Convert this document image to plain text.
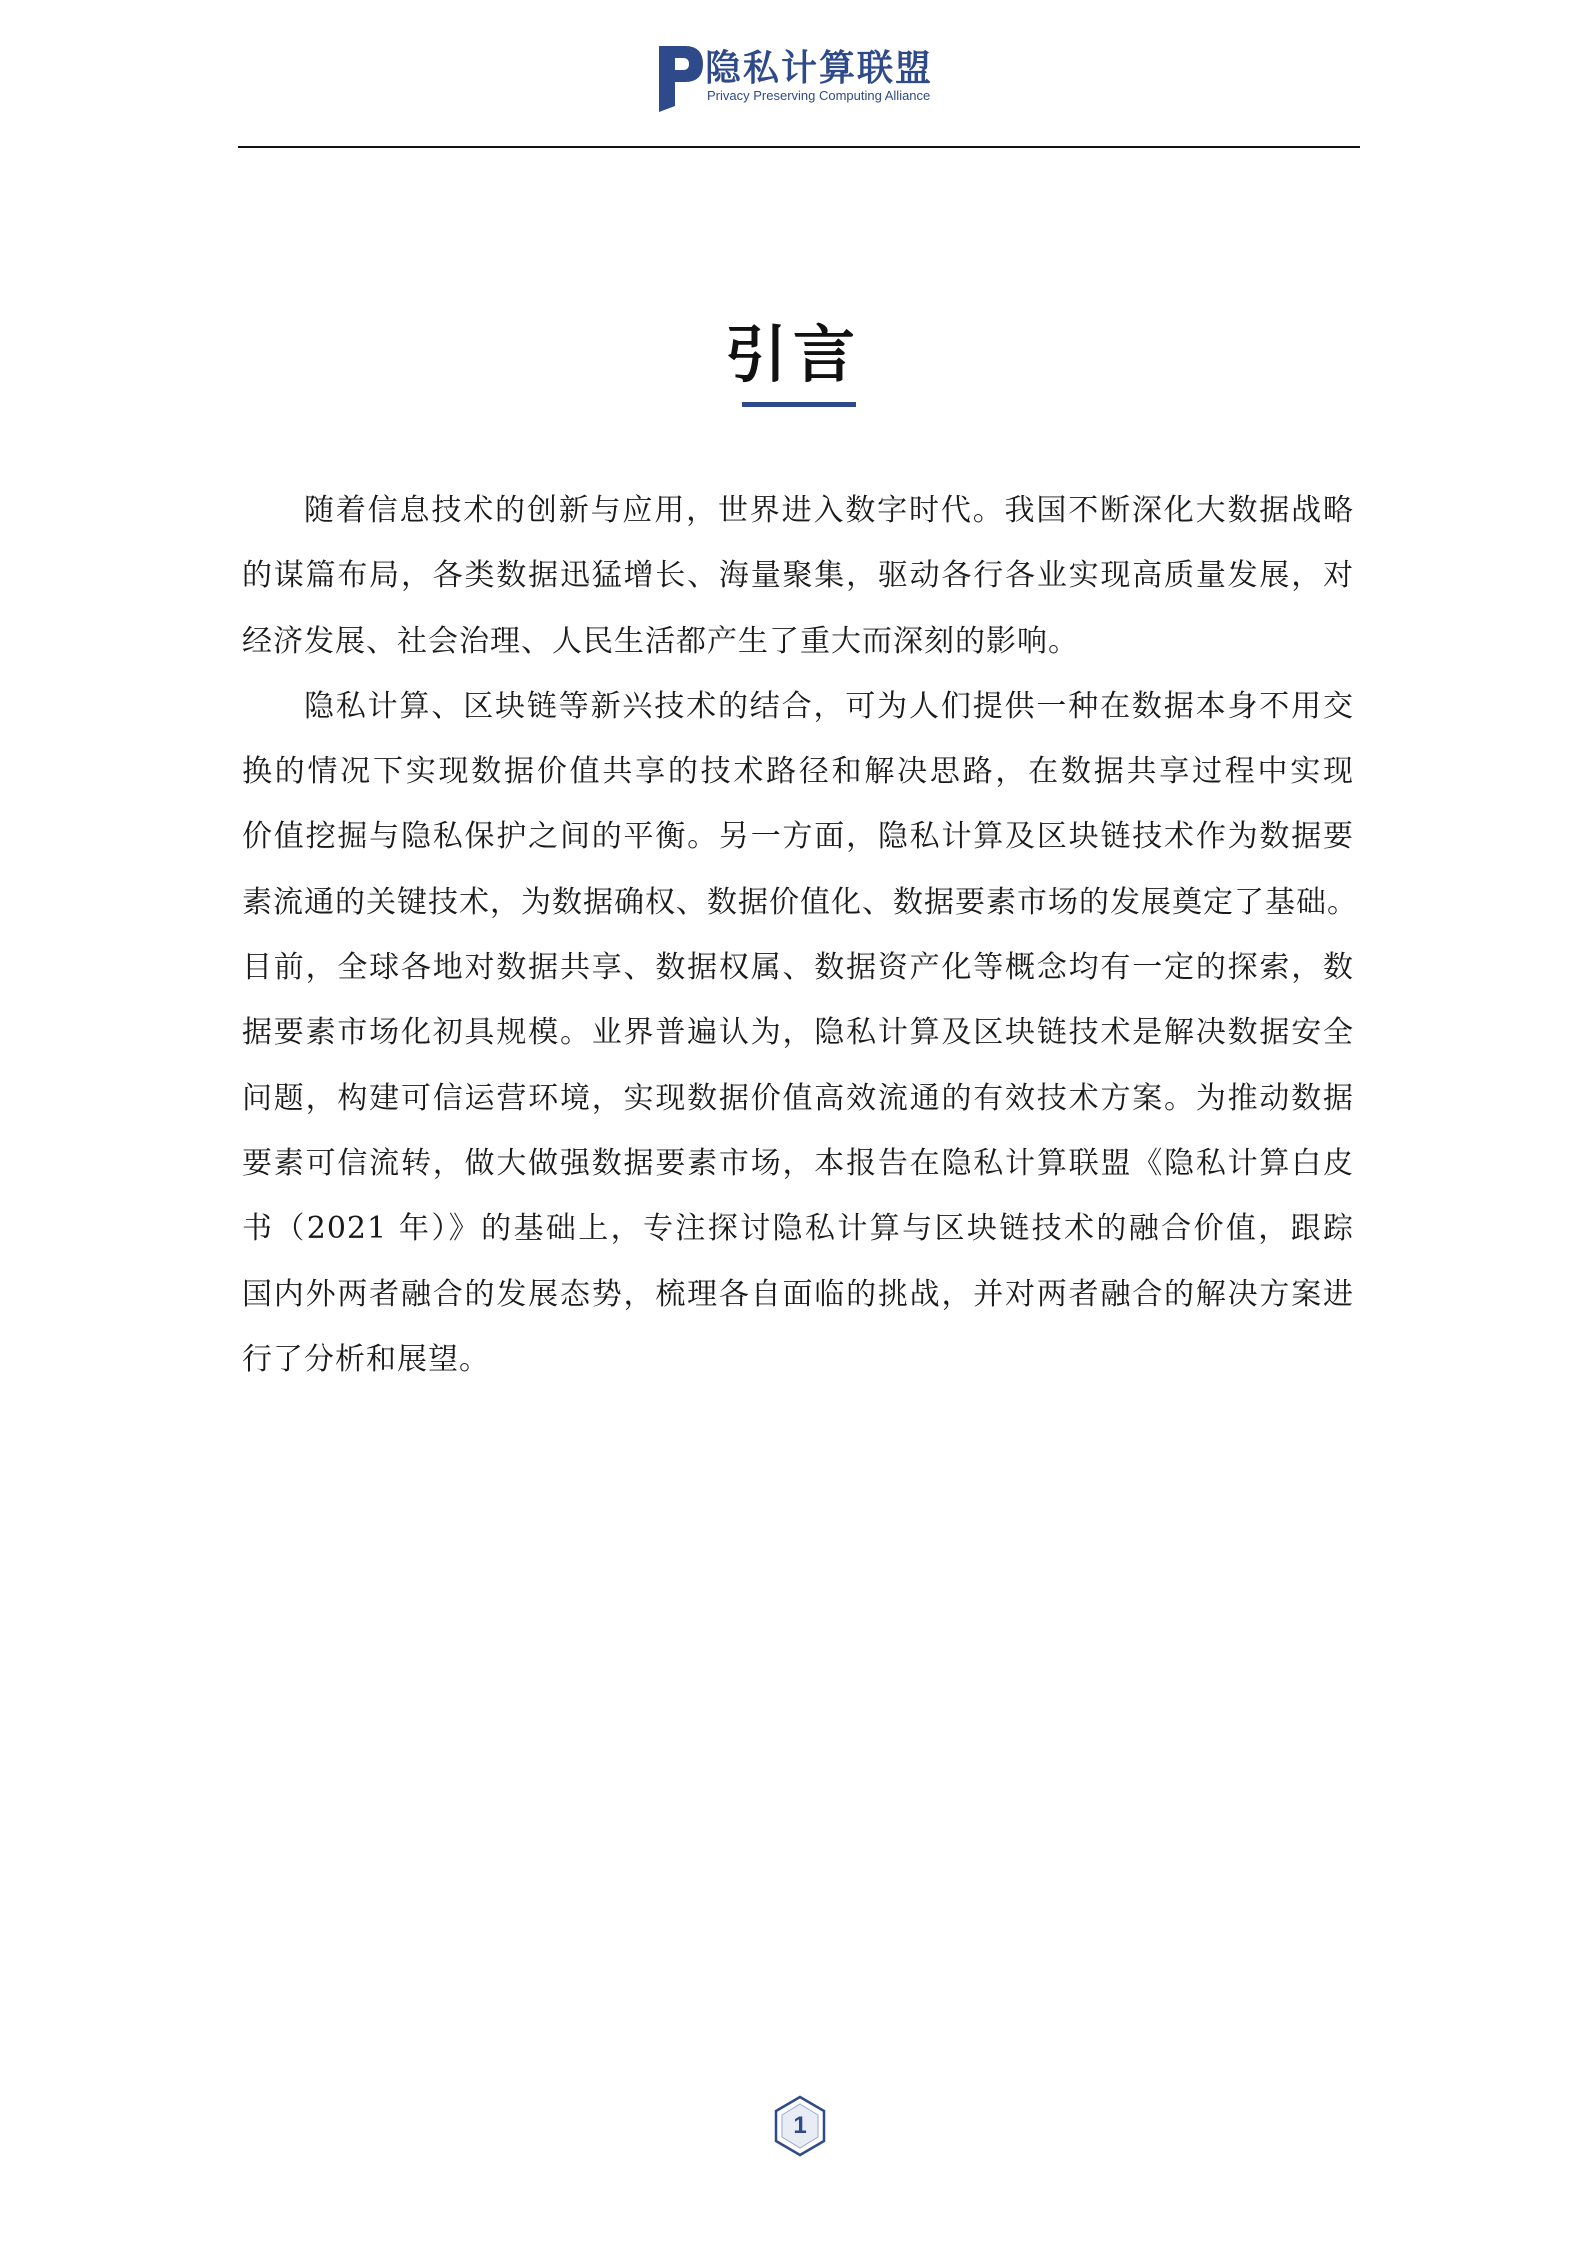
隐私计算联盟
Privacy Preserving Computing Alliance
引言
随着信息技术的创新与应用，世界进入数字时代。我国不断深化大数据战略
的谋篇布局，各类数据迅猛增长、海量聚集，驱动各行各业实现高质量发展，对
经济发展、社会治理、人民生活都产生了重大而深刻的影响。
隐私计算、区块链等新兴技术的结合，可为人们提供一种在数据本身不用交
换的情况下实现数据价值共享的技术路径和解决思路，在数据共享过程中实现
价值挖掘与隐私保护之间的平衡。另一方面，隐私计算及区块链技术作为数据要
素流通的关键技术，为数据确权、数据价值化、数据要素市场的发展奠定了基础。
目前，全球各地对数据共享、数据权属、数据资产化等概念均有一定的探索，数
据要素市场化初具规模。业界普遍认为，隐私计算及区块链技术是解决数据安全
问题，构建可信运营环境，实现数据价值高效流通的有效技术方案。为推动数据
要素可信流转，做大做强数据要素市场，本报告在隐私计算联盟《隐私计算白皮
书（2021 年）》的基础上，专注探讨隐私计算与区块链技术的融合价值，跟踪
国内外两者融合的发展态势，梳理各自面临的挑战，并对两者融合的解决方案进
行了分析和展望。
1
